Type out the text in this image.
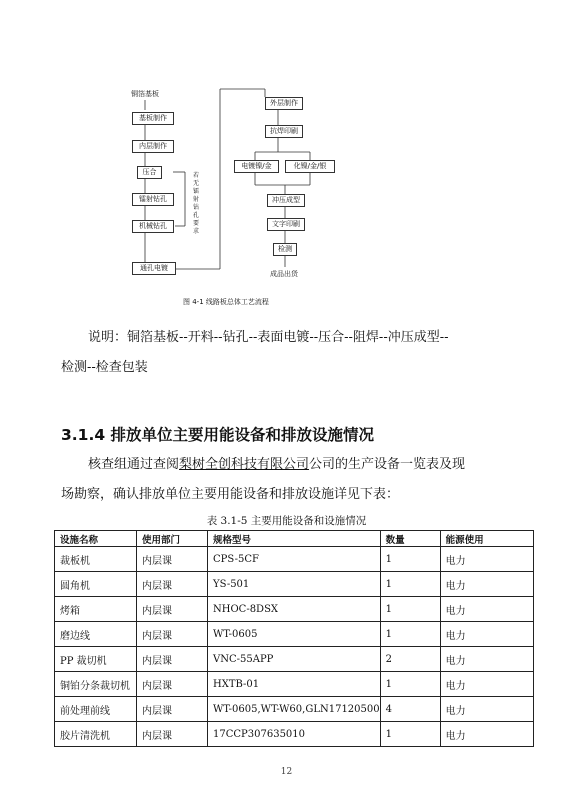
铜箔基板
基板制作
内层制作
压合
镭射钻孔
机械钻孔
通孔电镀
若无镭射钻孔要求
外层制作
抗焊印刷
电镀镍/金	化镍/金/银
冲压成型
文字印刷
检测
成品出货
图 4-1 线路板总体工艺流程
说明：铜箔基板--开料--钻孔--表面电镀--压合--阻焊--冲压成型--
检测--检查包装
3.1.4 排放单位主要用能设备和排放设施情况
核查组通过查阅梨树全创科技有限公司公司的生产设备一览表及现
场勘察，确认排放单位主要用能设备和排放设施详见下表：
表 3.1-5 主要用能设备和设施情况
设施名称	使用部门	规格型号	数量	能源使用
裁板机	内层课	CPS-5CF	1	电力
圆角机	内层课	YS-501	1	电力
烤箱	内层课	NHOC-8DSX	1	电力
磨边线	内层课	WT-0605	1	电力
PP 裁切机	内层课	VNC-55APP	2	电力
铜铂分条裁切机	内层课	HXTB-01	1	电力
前处理前线	内层课	WT-0605,WT-W60,GLN17120500	4	电力
胶片清洗机	内层课	17CCP307635010	1	电力
12
